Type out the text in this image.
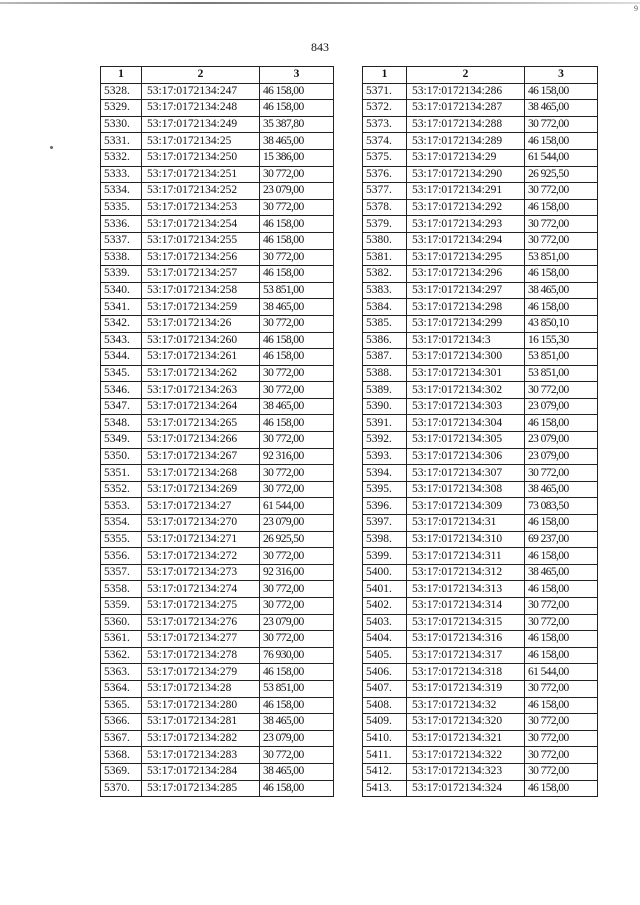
9
843
1	2	3
5328.	53:17:0172134:247	46 158,00
5329.	53:17:0172134:248	46 158,00
5330.	53:17:0172134:249	35 387,80
5331.	53:17:0172134:25	38 465,00
5332.	53:17:0172134:250	15 386,00
5333.	53:17:0172134:251	30 772,00
5334.	53:17:0172134:252	23 079,00
5335.	53:17:0172134:253	30 772,00
5336.	53:17:0172134:254	46 158,00
5337.	53:17:0172134:255	46 158,00
5338.	53:17:0172134:256	30 772,00
5339.	53:17:0172134:257	46 158,00
5340.	53:17:0172134:258	53 851,00
5341.	53:17:0172134:259	38 465,00
5342.	53:17:0172134:26	30 772,00
5343.	53:17:0172134:260	46 158,00
5344.	53:17:0172134:261	46 158,00
5345.	53:17:0172134:262	30 772,00
5346.	53:17:0172134:263	30 772,00
5347.	53:17:0172134:264	38 465,00
5348.	53:17:0172134:265	46 158,00
5349.	53:17:0172134:266	30 772,00
5350.	53:17:0172134:267	92 316,00
5351.	53:17:0172134:268	30 772,00
5352.	53:17:0172134:269	30 772,00
5353.	53:17:0172134:27	61 544,00
5354.	53:17:0172134:270	23 079,00
5355.	53:17:0172134:271	26 925,50
5356.	53:17:0172134:272	30 772,00
5357.	53:17:0172134:273	92 316,00
5358.	53:17:0172134:274	30 772,00
5359.	53:17:0172134:275	30 772,00
5360.	53:17:0172134:276	23 079,00
5361.	53:17:0172134:277	30 772,00
5362.	53:17:0172134:278	76 930,00
5363.	53:17:0172134:279	46 158,00
5364.	53:17:0172134:28	53 851,00
5365.	53:17:0172134:280	46 158,00
5366.	53:17:0172134:281	38 465,00
5367.	53:17:0172134:282	23 079,00
5368.	53:17:0172134:283	30 772,00
5369.	53:17:0172134:284	38 465,00
5370.	53:17:0172134:285	46 158,00
1	2	3
5371.	53:17:0172134:286	46 158,00
5372.	53:17:0172134:287	38 465,00
5373.	53:17:0172134:288	30 772,00
5374.	53:17:0172134:289	46 158,00
5375.	53:17:0172134:29	61 544,00
5376.	53:17:0172134:290	26 925,50
5377.	53:17:0172134:291	30 772,00
5378.	53:17:0172134:292	46 158,00
5379.	53:17:0172134:293	30 772,00
5380.	53:17:0172134:294	30 772,00
5381.	53:17:0172134:295	53 851,00
5382.	53:17:0172134:296	46 158,00
5383.	53:17:0172134:297	38 465,00
5384.	53:17:0172134:298	46 158,00
5385.	53:17:0172134:299	43 850,10
5386.	53:17:0172134:3	16 155,30
5387.	53:17:0172134:300	53 851,00
5388.	53:17:0172134:301	53 851,00
5389.	53:17:0172134:302	30 772,00
5390.	53:17:0172134:303	23 079,00
5391.	53:17:0172134:304	46 158,00
5392.	53:17:0172134:305	23 079,00
5393.	53:17:0172134:306	23 079,00
5394.	53:17:0172134:307	30 772,00
5395.	53:17:0172134:308	38 465,00
5396.	53:17:0172134:309	73 083,50
5397.	53:17:0172134:31	46 158,00
5398.	53:17:0172134:310	69 237,00
5399.	53:17:0172134:311	46 158,00
5400.	53:17:0172134:312	38 465,00
5401.	53:17:0172134:313	46 158,00
5402.	53:17:0172134:314	30 772,00
5403.	53:17:0172134:315	30 772,00
5404.	53:17:0172134:316	46 158,00
5405.	53:17:0172134:317	46 158,00
5406.	53:17:0172134:318	61 544,00
5407.	53:17:0172134:319	30 772,00
5408.	53:17:0172134:32	46 158,00
5409.	53:17:0172134:320	30 772,00
5410.	53:17:0172134:321	30 772,00
5411.	53:17:0172134:322	30 772,00
5412.	53:17:0172134:323	30 772,00
5413.	53:17:0172134:324	46 158,00
